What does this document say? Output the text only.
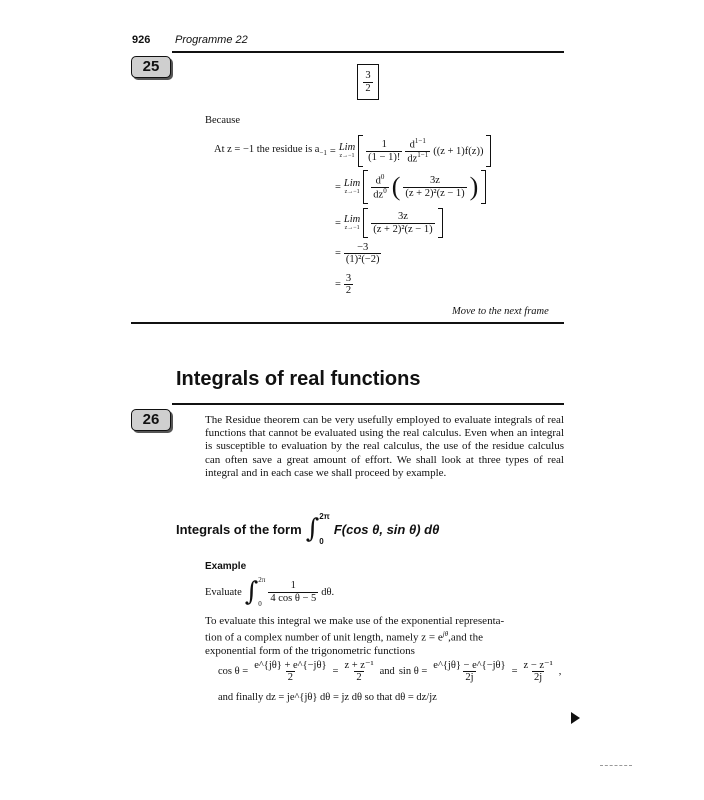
926 Programme 22
25
$\frac{3}{2}$
Because
At z = −1 the residue is $a_{-1}$ = Lim
$z\to-1 \frac{1}{(1 - 1)!} \frac{d^{1-1}}{dz^{1-1}} ((z + 1)f(z))$
= Lim
$z\to-1 \frac{d^0}{dz^0}$ ( $\frac{3z}{\text{(z + 2)²(z − 1)}}$ )
= Lim
$z\to-1 \frac{3z}{\text{(z + 2)²(z − 1)}}$
= $\frac{-3}{\text{(1)²(−2)}}$
= $\frac{3}{2}$
Move to the next frame
Integrals of real functions
26	The Residue theorem can be very usefully employed to evaluate integrals of real functions that cannot be evaluated using the real calculus. Even when an integral is susceptible to evaluation by the real calculus, the use of the residue calculus can often save a great amount of effort. We shall look at three types of real integral and in each case we shall proceed by example.
Integrals of the form ∫ 2π
0
F(cos θ, sin θ) dθ
Example
Evaluate ∫ 2π
0
$\frac{1}{\text{4 cos θ − 5}} d\theta$.
To evaluate this integral we make use of the exponential representa-
tion of a complex number of unit length, namely $z = e^{j\theta},and$ the
exponential form of the trigonometric functions
$\cos \theta = \frac{e\^{}\{j\theta\} + e\^{}\{-j\theta\}}{2} = \frac{\text{z + z⁻¹}}{2}$ and $\sin \theta = \frac{e\^{}\{j\theta\} - e\^{}\{-j\theta\}}{2j} = \frac{\text{z − z⁻¹}}{2j}$ ,
and finally dz = je^{jθ} dθ = jz dθ so that dθ = dz/jz
